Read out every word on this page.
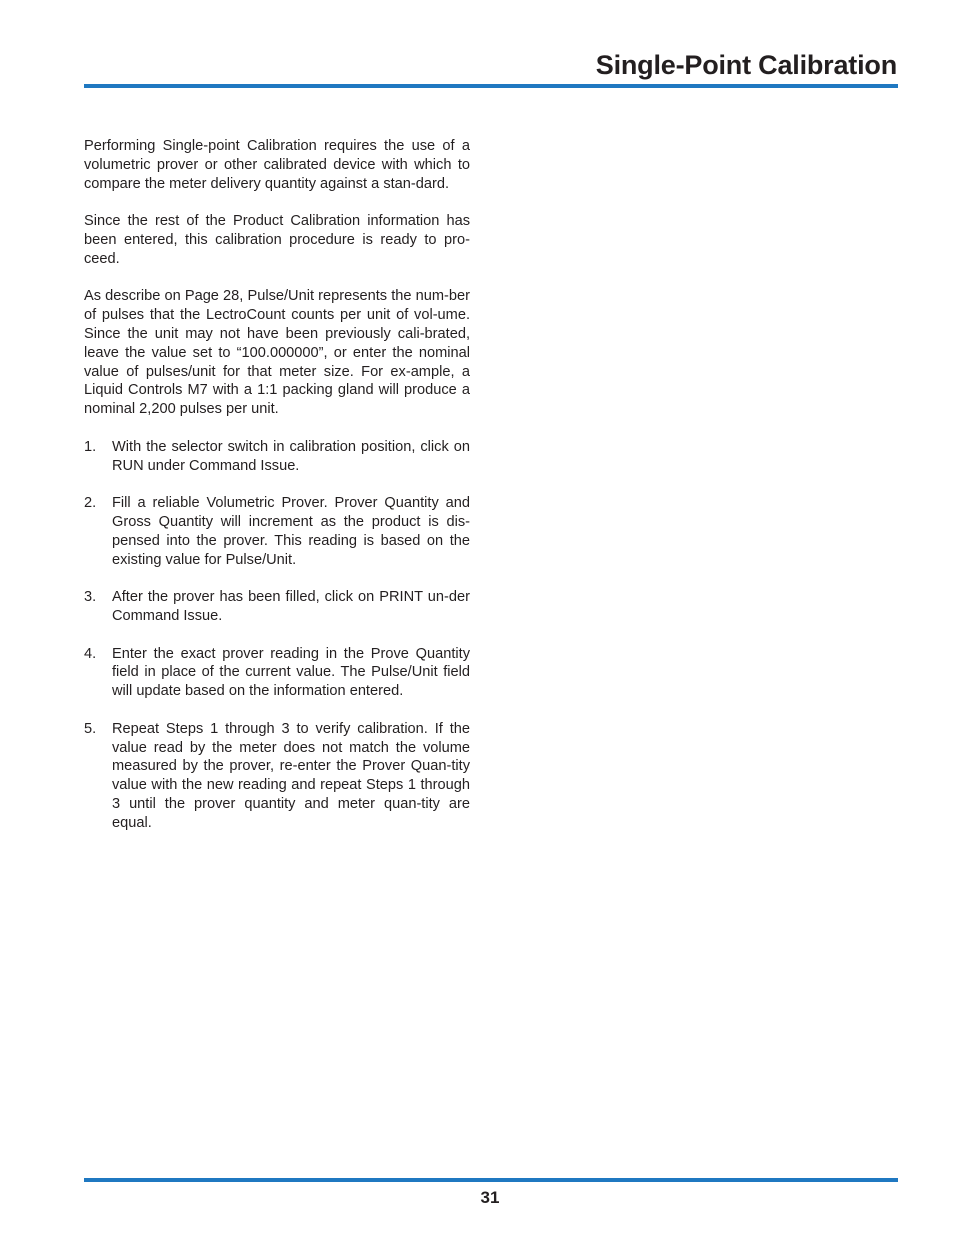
Single-Point Calibration

Performing Single-point Calibration requires the use of a volumetric prover or other calibrated device with which to compare the meter delivery quantity against a stan-dard.

Since the rest of the Product Calibration information has been entered, this calibration procedure is ready to pro-ceed.

As describe on Page 28, Pulse/Unit represents the num-ber of pulses that the LectroCount counts per unit of vol-ume. Since the unit may not have been previously cali-brated, leave the value set to “100.000000”, or enter the nominal value of pulses/unit for that meter size. For ex-ample, a Liquid Controls M7 with a 1:1 packing gland will produce a nominal 2,200 pulses per unit.

1.	With the selector switch in calibration position, click on RUN under Command Issue.
2.	Fill a reliable Volumetric Prover. Prover Quantity and Gross Quantity will increment as the product is dis-pensed into the prover. This reading is based on the existing value for Pulse/Unit.
3.	After the prover has been filled, click on PRINT un-der Command Issue.
4.	Enter the exact prover reading in the Prove Quantity field in place of the current value. The Pulse/Unit field will update based on the information entered.
5.	Repeat Steps 1 through 3 to verify calibration. If the value read by the meter does not match the volume measured by the prover, re-enter the Prover Quan-tity value with the new reading and repeat Steps 1 through 3 until the prover quantity and meter quan-tity are equal.
31
